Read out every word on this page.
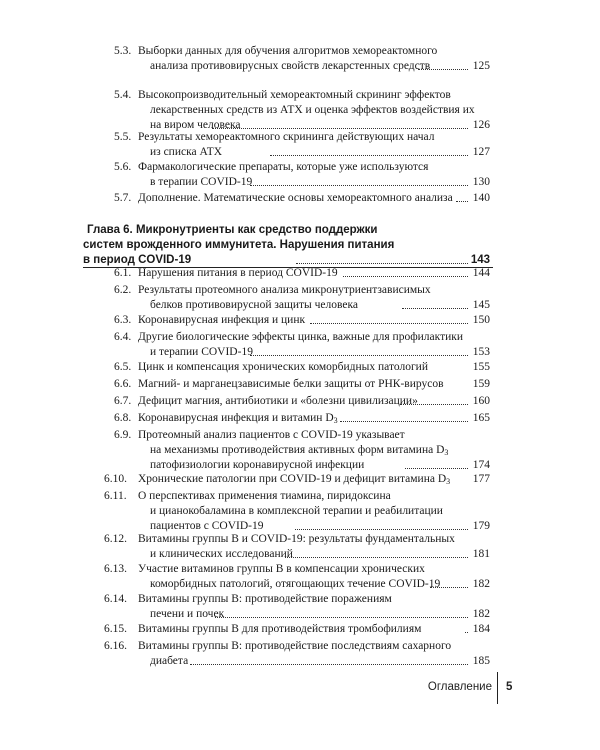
5.3. Выборки данных для обучения алгоритмов хемореактомного
анализа противовирусных свойств лекарстенных средств	125
5.4. Высокопроизводительный хемореактомный скрининг эффектов
лекарственных средств из АТХ и оценка эффектов воздействия их
на виром человека	126
5.5. Результаты хемореактомного скрининга действующих начал
из списка АТХ	127
5.6. Фармакологические препараты, которые уже используются
в терапии COVID-19	130
5.7. Дополнение. Математические основы хемореактомного анализа 140
Глава 6. Микронутриенты как средство поддержки
систем врожденного иммунитета. Нарушения питания
в период COVID-19	143
6.1. Нарушения питания в период COVID-19	144
6.2. Результаты протеомного анализа микронутриентзависимых
белков противовирусной защиты человека	145
6.3. Коронавирусная инфекция и цинк	150
6.4. Другие биологические эффекты цинка, важные для профилактики
и терапии COVID-19	153
6.5. Цинк и компенсация хронических коморбидных патологий	155
6.6. Магний- и марганецзависимые белки защиты от РНК-вирусов	159
6.7. Дефицит магния, антибиотики и «болезни цивилизации»	160
6.8. Коронавирусная инфекция и витамин $D_3$	165
6.9. Протеомный анализ пациентов с COVID-19 указывает
на механизмы противодействия активных форм витамина $D_3$
патофизиологии коронавирусной инфекции	174
6.10. Хронические патологии при COVID-19 и дефицит витамина $D_3$ 177
6.11. О перспективах применения тиамина, пиридоксина
и цианокобаламина в комплексной терапии и реабилитации
пациентов с COVID-19	179
6.12. Витамины группы В и COVID-19: результаты фундаментальных
и клинических исследований	181
6.13. Участие витаминов группы В в компенсации хронических
коморбидных патологий, отягощающих течение COVID-19	182
6.14. Витамины группы В: противодействие поражениям
печени и почек	182
6.15. Витамины группы В для противодействия тромбофилиям	184
6.16. Витамины группы В: противодействие последствиям сахарного
диабета	185
Оглавление 5
